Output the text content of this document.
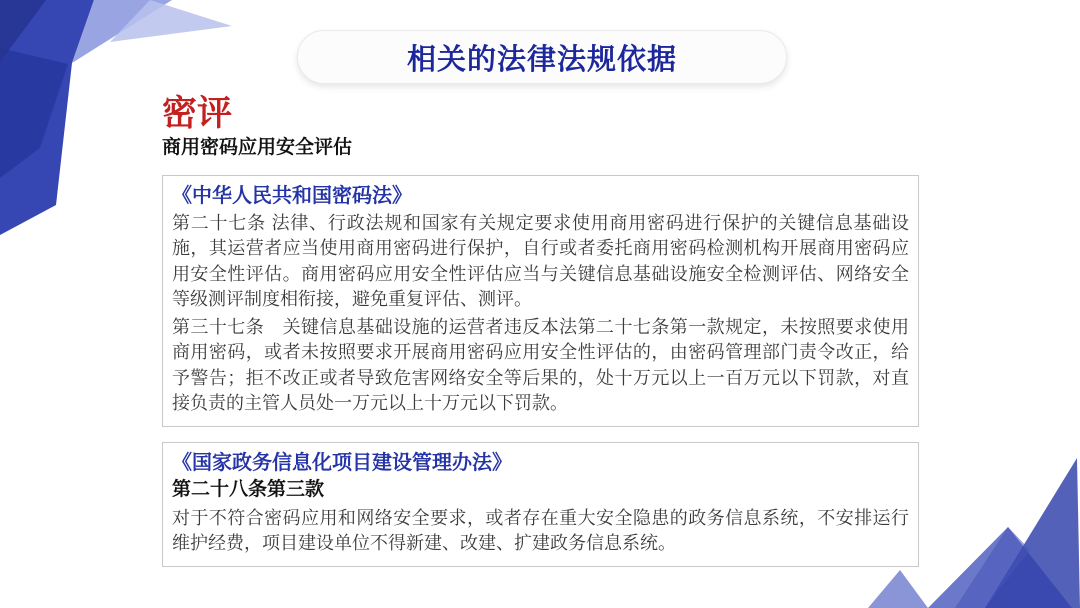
相关的法律法规依据
密评
商用密码应用安全评估
《中华人民共和国密码法》

第二十七条 法律、行政法规和国家有关规定要求使用商用密码进行保护的关键信息基础设施，其运营者应当使用商用密码进行保护，自行或者委托商用密码检测机构开展商用密码应用安全性评估。商用密码应用安全性评估应当与关键信息基础设施安全检测评估、网络安全等级测评制度相衔接，避免重复评估、测评。

第三十七条　关键信息基础设施的运营者违反本法第二十七条第一款规定，未按照要求使用商用密码，或者未按照要求开展商用密码应用安全性评估的，由密码管理部门责令改正，给予警告；拒不改正或者导致危害网络安全等后果的，处十万元以上一百万元以下罚款，对直接负责的主管人员处一万元以上十万元以下罚款。

《国家政务信息化项目建设管理办法》
第二十八条第三款

对于不符合密码应用和网络安全要求，或者存在重大安全隐患的政务信息系统，不安排运行维护经费，项目建设单位不得新建、改建、扩建政务信息系统。
